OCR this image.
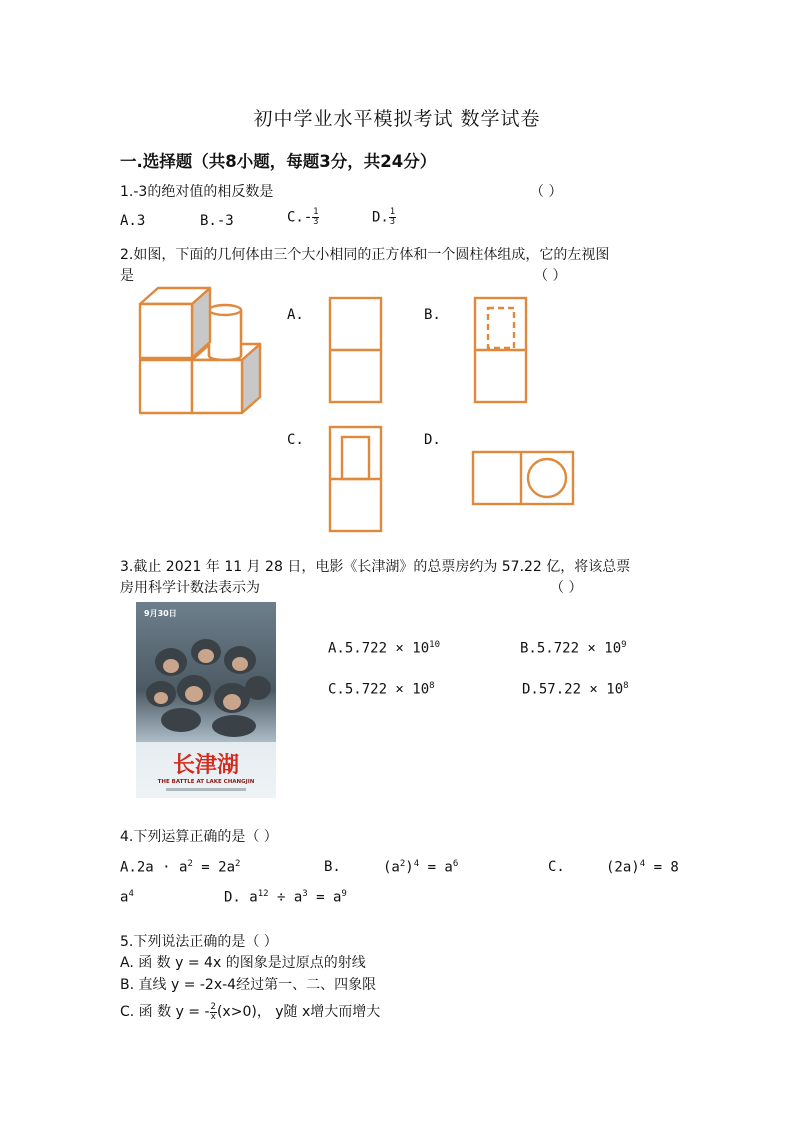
初中学业水平模拟考试 数学试卷
一.选择题（共8小题，每题3分，共24分）
1.-3的绝对值的相反数是	（ ）
A.3	B.-3	$C.- \frac{1}{3}$	D. $\frac{1}{3}$
2.如图，下面的几何体由三个大小相同的正方体和一个圆柱体组成，它的左视图
是	（ ）
A.	B.
C.	D.
3.截止 2021 年 11 月 28 日，电影《长津湖》的总票房约为 57.22 亿，将该总票
房用科学计数法表示为	（ ）
9月30日
长津湖
THE BATTLE AT LAKE CHANGJIN
$A.5.722 \times 10^{10}$	$B.5.722 \times 10^9$
$C.5.722 \times 10^8$	$D.57.22 \times 10^8$
4.下列运算正确的是（ ）
$A.2a \cdot a^2 = 2a^2$	B.	$(a^2)^4 = a^6$	C.	$(2a)^4 = 8$
$a^4$	D. $a^{12} \div a^3 = a^9$
5.下列说法正确的是（ ）
A. 函 数 y = 4x 的图象是过原点的射线
B. 直线 y = -2x-4经过第一、二、四象限
C. 函 数 y = - $\frac{2}{x} (x>0)$， y随 x增大而增大
